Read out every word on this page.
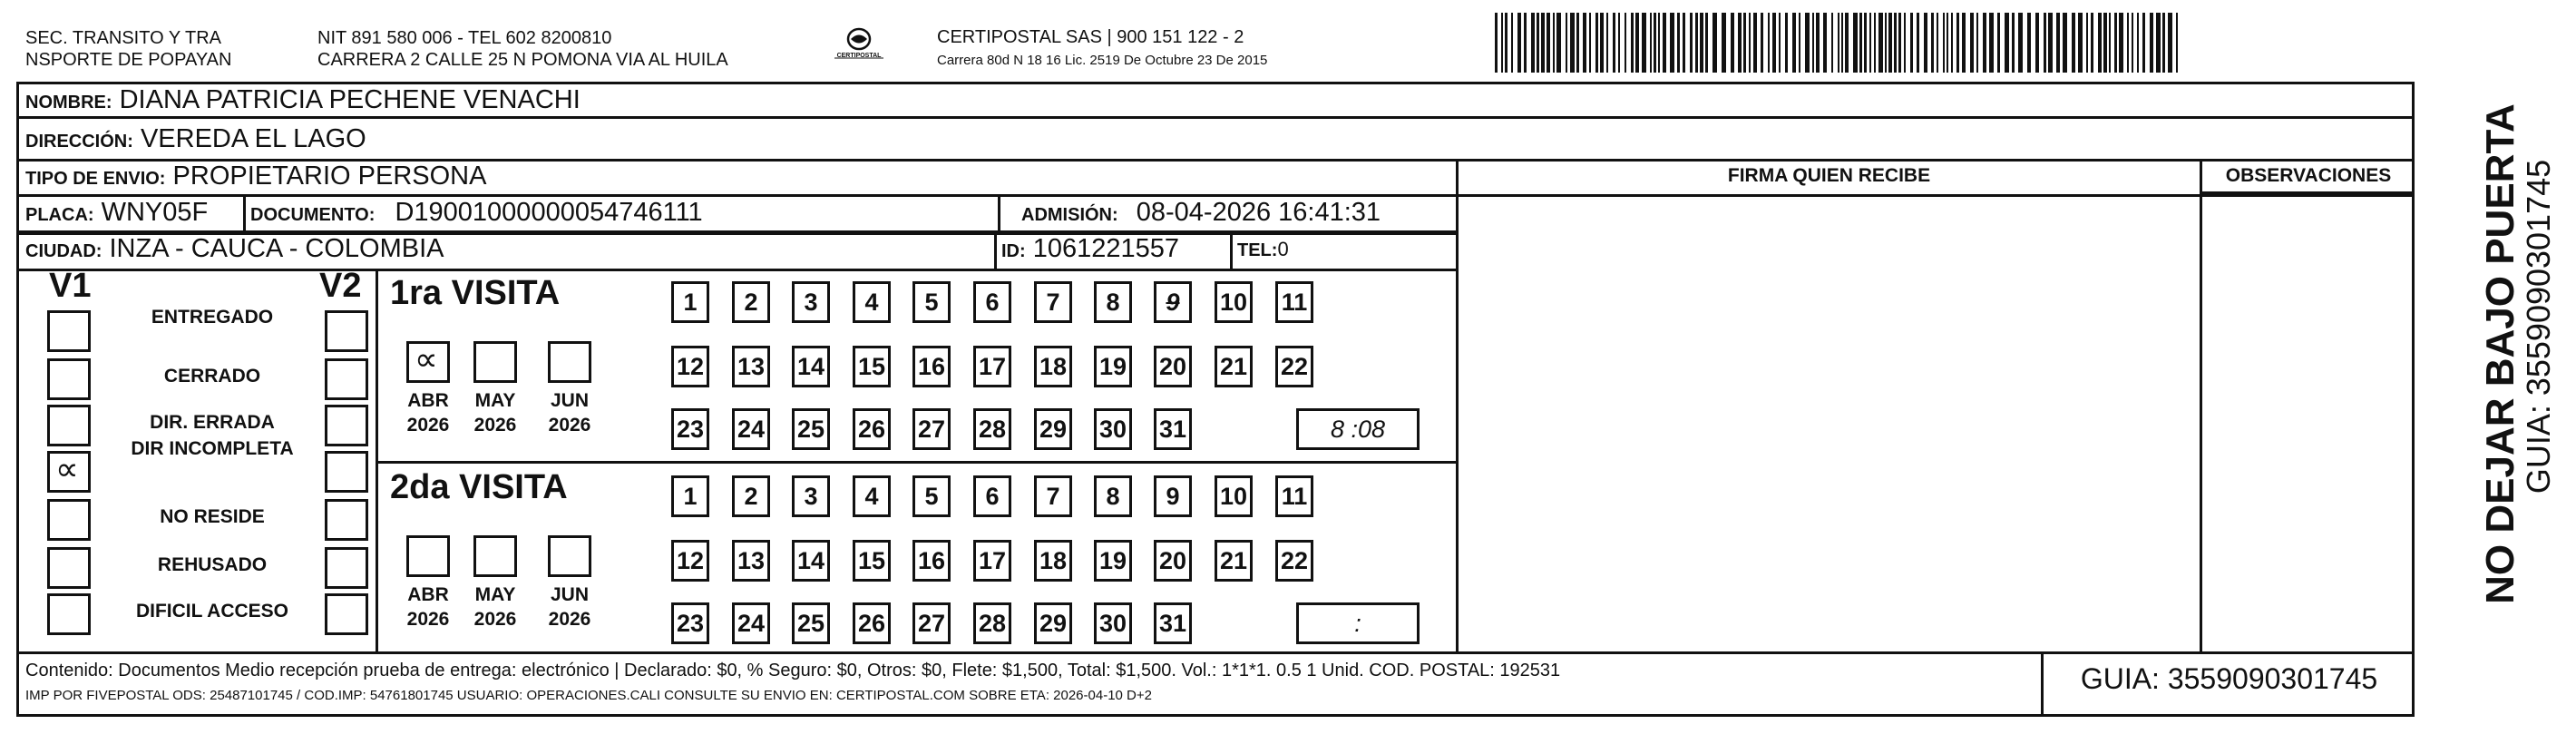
SEC. TRANSITO Y TRA
NSPORTE DE POPAYAN
NIT 891 580 006 - TEL 602 8200810
CARRERA 2 CALLE 25 N POMONA VIA AL HUILA	CERTIPOSTAL
CERTIPOSTAL SAS | 900 151 122 - 2
Carrera 80d N 18 16 Lic. 2519 De Octubre 23 De 2015
NOMBRE: DIANA PATRICIA PECHENE VENACHI
DIRECCIÓN: VEREDA EL LAGO
TIPO DE ENVIO: PROPIETARIO PERSONA	FIRMA QUIEN RECIBE	OBSERVACIONES
PLACA: WNY05F DOCUMENTO: D19001000000054746111	ADMISIÓN: 08-04-2026 16:41:31
CIUDAD: INZA - CAUCA - COLOMBIA	ID: 1061221557	TEL:0
V1	V2
ENTREGADO
CERRADO
DIR. ERRADA
∝
DIR INCOMPLETA
NO RESIDE
REHUSADO
DIFICIL ACCESO
1ra VISITA
∝
ABR
2026
MAY
2026
JUN
2026
1	2	3	4	5	6	7	8	9	10 11
12 13 14 15 16 17 18 19 20 21 22
23 24 25 26 27 28 29 30 31	8 :08
2da VISITA
ABR
2026
MAY
2026
JUN
2026
1	2	3	4	5	6	7	8	9	10 11
12 13 14 15 16 17 18 19 20 21 22
23 24 25 26 27 28 29 30 31	:
Contenido: Documentos Medio recepción prueba de entrega: electrónico | Declarado: $0, % Seguro: $0, Otros: $0, Flete: $1,500, Total: $1,500. Vol.: 1*1*1. 0.5 1 Unid. COD. POSTAL: 192531
IMP POR FIVEPOSTAL ODS: 25487101745 / COD.IMP: 54761801745 USUARIO: OPERACIONES.CALI CONSULTE SU ENVIO EN: CERTIPOSTAL.COM SOBRE ETA: 2026-04-10 D+2
GUIA: 3559090301745
NO DEJAR BAJO PUERTA
GUIA: 3559090301745
